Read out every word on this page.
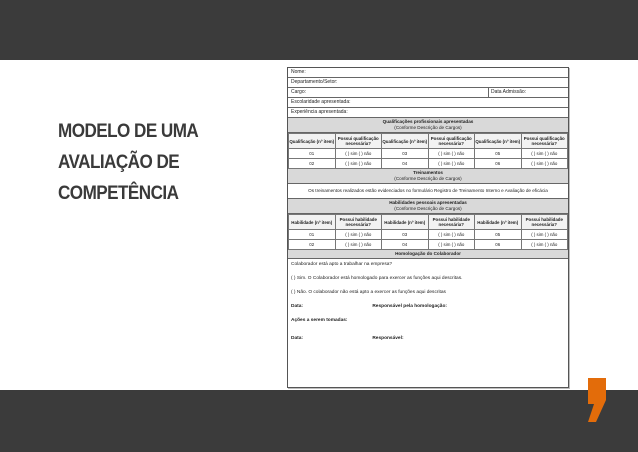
MODELO DE UMA
AVALIAÇÃO DE
COMPETÊNCIA
Nome:
Departamento/Setor:
Cargo:	Data Admissão:
Escolaridade apresentada:
Experiência apresentada:
Qualificações profissionais apresentadas
(Conforme Descrição de Cargos)
Qualificação (nº item)	Possui qualificação necessária?	Qualificação (nº item)	Possui qualificação necessária?	Qualificação (nº item)	Possui qualificação necessária?
01	( ) sim ( ) não	03	( ) sim ( ) não	05	( ) sim ( ) não
02	( ) sim ( ) não	04	( ) sim ( ) não	06	( ) sim ( ) não
Treinamentos
(Conforme Descrição de Cargos)
Os treinamentos realizados estão evidenciados no formulário Registro de Treinamento Interno e Avaliação de eficácia
Habilidades pessoais apresentadas
(Conforme Descrição de Cargos)
Habilidade (nº item)	Possui habilidade necessária?	Habilidade (nº item)	Possui habilidade necessária?	Habilidade (nº item)	Possui habilidade necessária?
01	( ) sim ( ) não	03	( ) sim ( ) não	05	( ) sim ( ) não
02	( ) sim ( ) não	04	( ) sim ( ) não	06	( ) sim ( ) não
Homologação do Colaborador

Colaborador está apto a trabalhar na empresa?

( ) Sim. O Colaborador está homologado para exercer as funções aqui descritas.

( ) Não. O colaborador não está apto a exercer as funções aqui descritas

Data:	Responsável pela homologação:

Ações a serem tomadas:

Data:	Responsável:
